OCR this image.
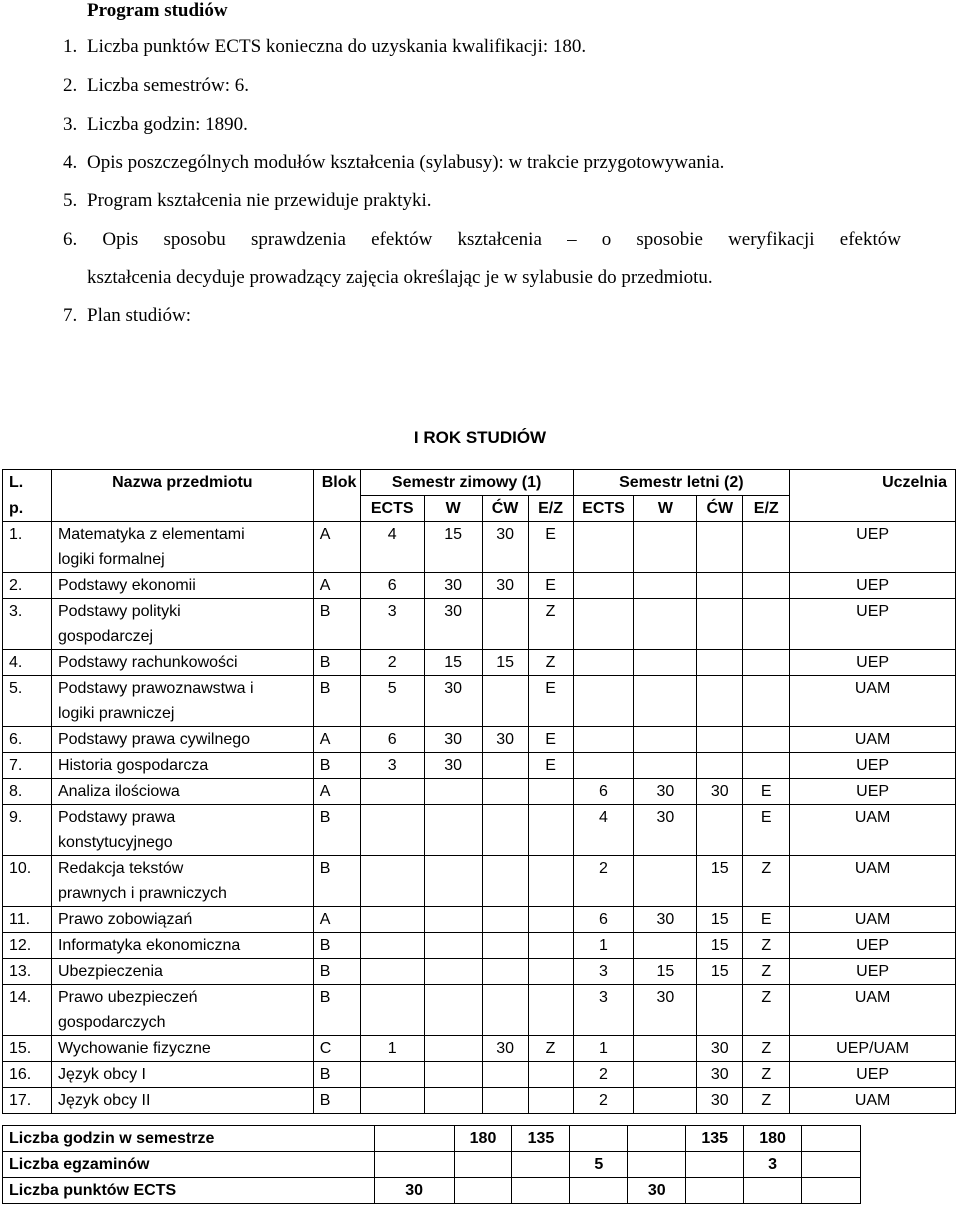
Program studiów
1. Liczba punktów ECTS konieczna do uzyskania kwalifikacji: 180.
2. Liczba semestrów: 6.
3. Liczba godzin: 1890.
4. Opis poszczególnych modułów kształcenia (sylabusy): w trakcie przygotowywania.
5. Program kształcenia nie przewiduje praktyki.
6. Opis sposobu sprawdzenia efektów kształcenia – o sposobie weryfikacji efektów
kształcenia decyduje prowadzący zajęcia określając je w sylabusie do przedmiotu.
7. Plan studiów:
I ROK STUDIÓW
L.	Nazwa przedmiotu	Blok	Semestr zimowy (1)				Semestr letni (2)				Uczelnia
p.			ECTS	W	ĆW	E/Z	ECTS	W	ĆW	E/Z	
1.	Matematyka z elementami
logiki formalnej	A	4	15	30	E					UEP
2.	Podstawy ekonomii	A	6	30	30	E					UEP
3.	Podstawy polityki
gospodarczej	B	3	30		Z					UEP
4.	Podstawy rachunkowości	B	2	15	15	Z					UEP
5.	Podstawy prawoznawstwa i
logiki prawniczej	B	5	30		E					UAM
6.	Podstawy prawa cywilnego	A	6	30	30	E					UAM
7.	Historia gospodarcza	B	3	30		E					UEP
8.	Analiza ilościowa	A					6	30	30	E	UEP
9.	Podstawy prawa
konstytucyjnego	B					4	30		E	UAM
10.	Redakcja tekstów
prawnych i prawniczych	B					2		15	Z	UAM
11.	Prawo zobowiązań	A					6	30	15	E	UAM
12.	Informatyka ekonomiczna	B					1		15	Z	UEP
13.	Ubezpieczenia	B					3	15	15	Z	UEP
14.	Prawo ubezpieczeń
gospodarczych	B					3	30		Z	UAM
15.	Wychowanie fizyczne	C	1		30	Z	1		30	Z	UEP/UAM
16.	Język obcy I	B					2		30	Z	UEP
17.	Język obcy II	B					2		30	Z	UAM
Liczba godzin w semestrze		180	135			135	180	
Liczba egzaminów				5			3	
Liczba punktów ECTS	30				30			
